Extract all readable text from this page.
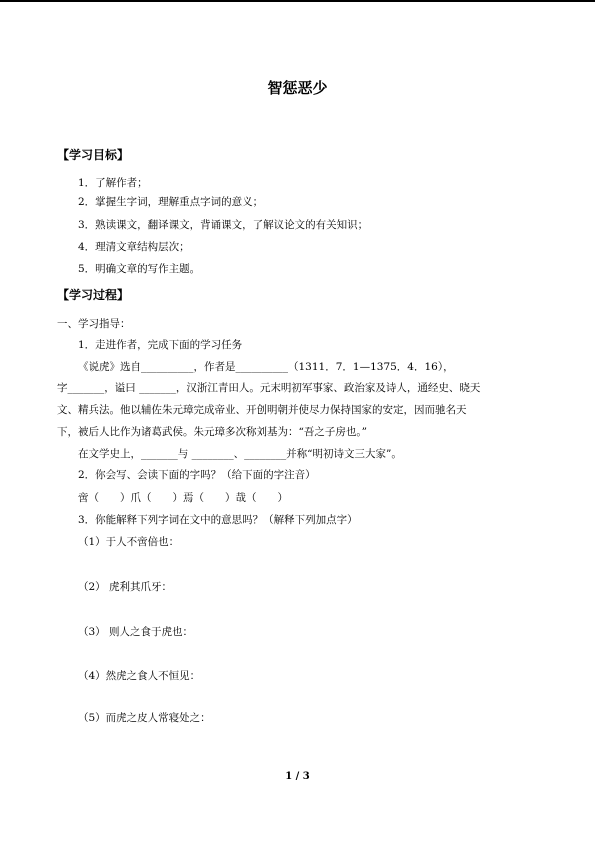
智惩恶少
【学习目标】
1．了解作者；
2．掌握生字词，理解重点字词的意义；
3．熟读课文，翻译课文，背诵课文，了解议论文的有关知识；
4．理清文章结构层次；
5．明确文章的写作主题。
【学习过程】
一、学习指导：
1．走进作者，完成下面的学习任务
《说虎》选自__________，作者是__________（1311．7．1—1375．4．16），
字_______，谥曰 _______，汉浙江青田人。元末明初军事家、政治家及诗人，通经史、晓天
文、精兵法。他以辅佐朱元璋完成帝业、开创明朝并使尽力保持国家的安定，因而驰名天
下，被后人比作为诸葛武侯。朱元璋多次称刘基为：“吾之子房也。”
在文学史上，_______与 ________、________并称“明初诗文三大家”。
2．你会写、会读下面的字吗？（给下面的字注音）
啻（　　）爪（　　）焉（　　）哉（　　）
3．你能解释下列字词在文中的意思吗？（解释下列加点字）
（1）于人不啻倍也：
（2） 虎利其爪牙：
（3） 则人之食于虎也：
（4）然虎之食人不恒见：
（5）而虎之皮人常寝处之：
1 / 3
